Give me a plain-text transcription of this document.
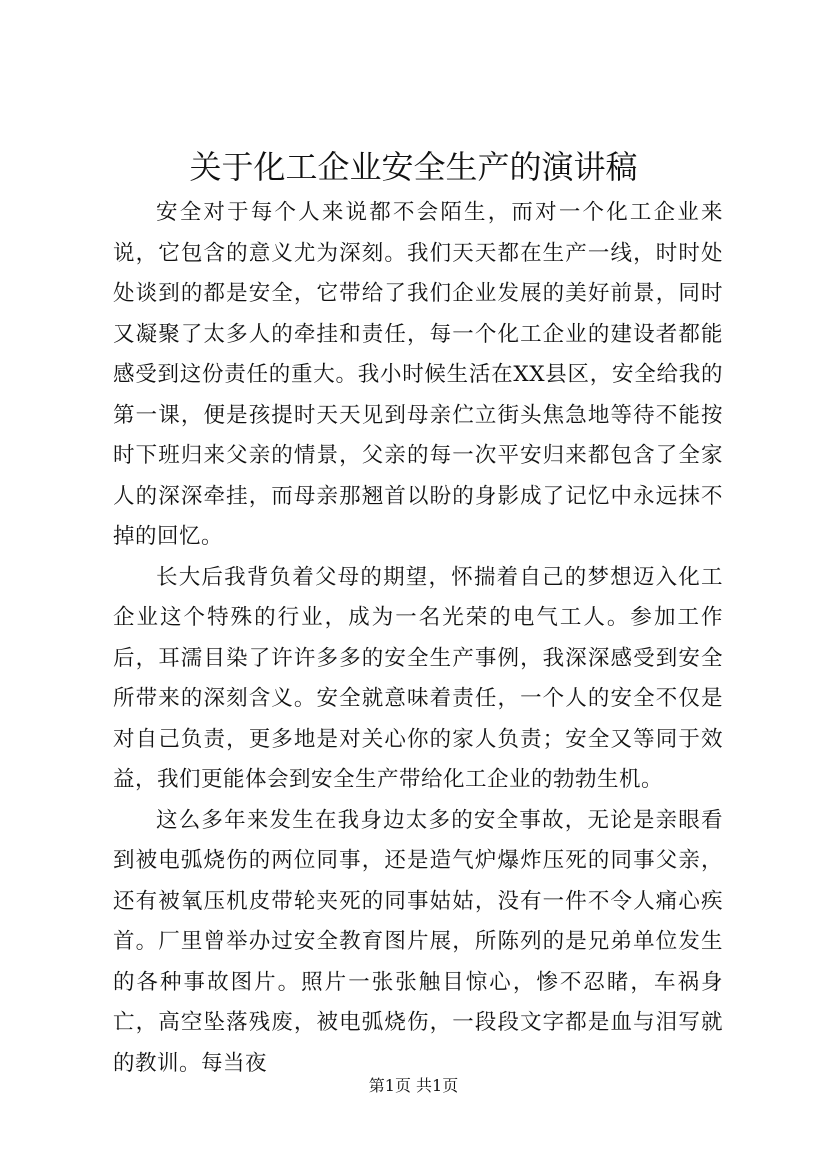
关于化工企业安全生产的演讲稿

安全对于每个人来说都不会陌生，而对一个化工企业来说，它包含的意义尤为深刻。我们天天都在生产一线，时时处处谈到的都是安全，它带给了我们企业发展的美好前景，同时又凝聚了太多人的牵挂和责任，每一个化工企业的建设者都能感受到这份责任的重大。我小时候生活在XX县区，安全给我的第一课，便是孩提时天天见到母亲伫立街头焦急地等待不能按时下班归来父亲的情景，父亲的每一次平安归来都包含了全家人的深深牵挂，而母亲那翘首以盼的身影成了记忆中永远抹不掉的回忆。

长大后我背负着父母的期望，怀揣着自己的梦想迈入化工企业这个特殊的行业，成为一名光荣的电气工人。参加工作后，耳濡目染了许许多多的安全生产事例，我深深感受到安全所带来的深刻含义。安全就意味着责任，一个人的安全不仅是对自己负责，更多地是对关心你的家人负责；安全又等同于效益，我们更能体会到安全生产带给化工企业的勃勃生机。

这么多年来发生在我身边太多的安全事故，无论是亲眼看到被电弧烧伤的两位同事，还是造气炉爆炸压死的同事父亲，还有被氧压机皮带轮夹死的同事姑姑，没有一件不令人痛心疾首。厂里曾举办过安全教育图片展，所陈列的是兄弟单位发生的各种事故图片。照片一张张触目惊心，惨不忍睹，车祸身亡，高空坠落残废，被电弧烧伤，一段段文字都是血与泪写就的教训。每当夜

第1页 共1页
